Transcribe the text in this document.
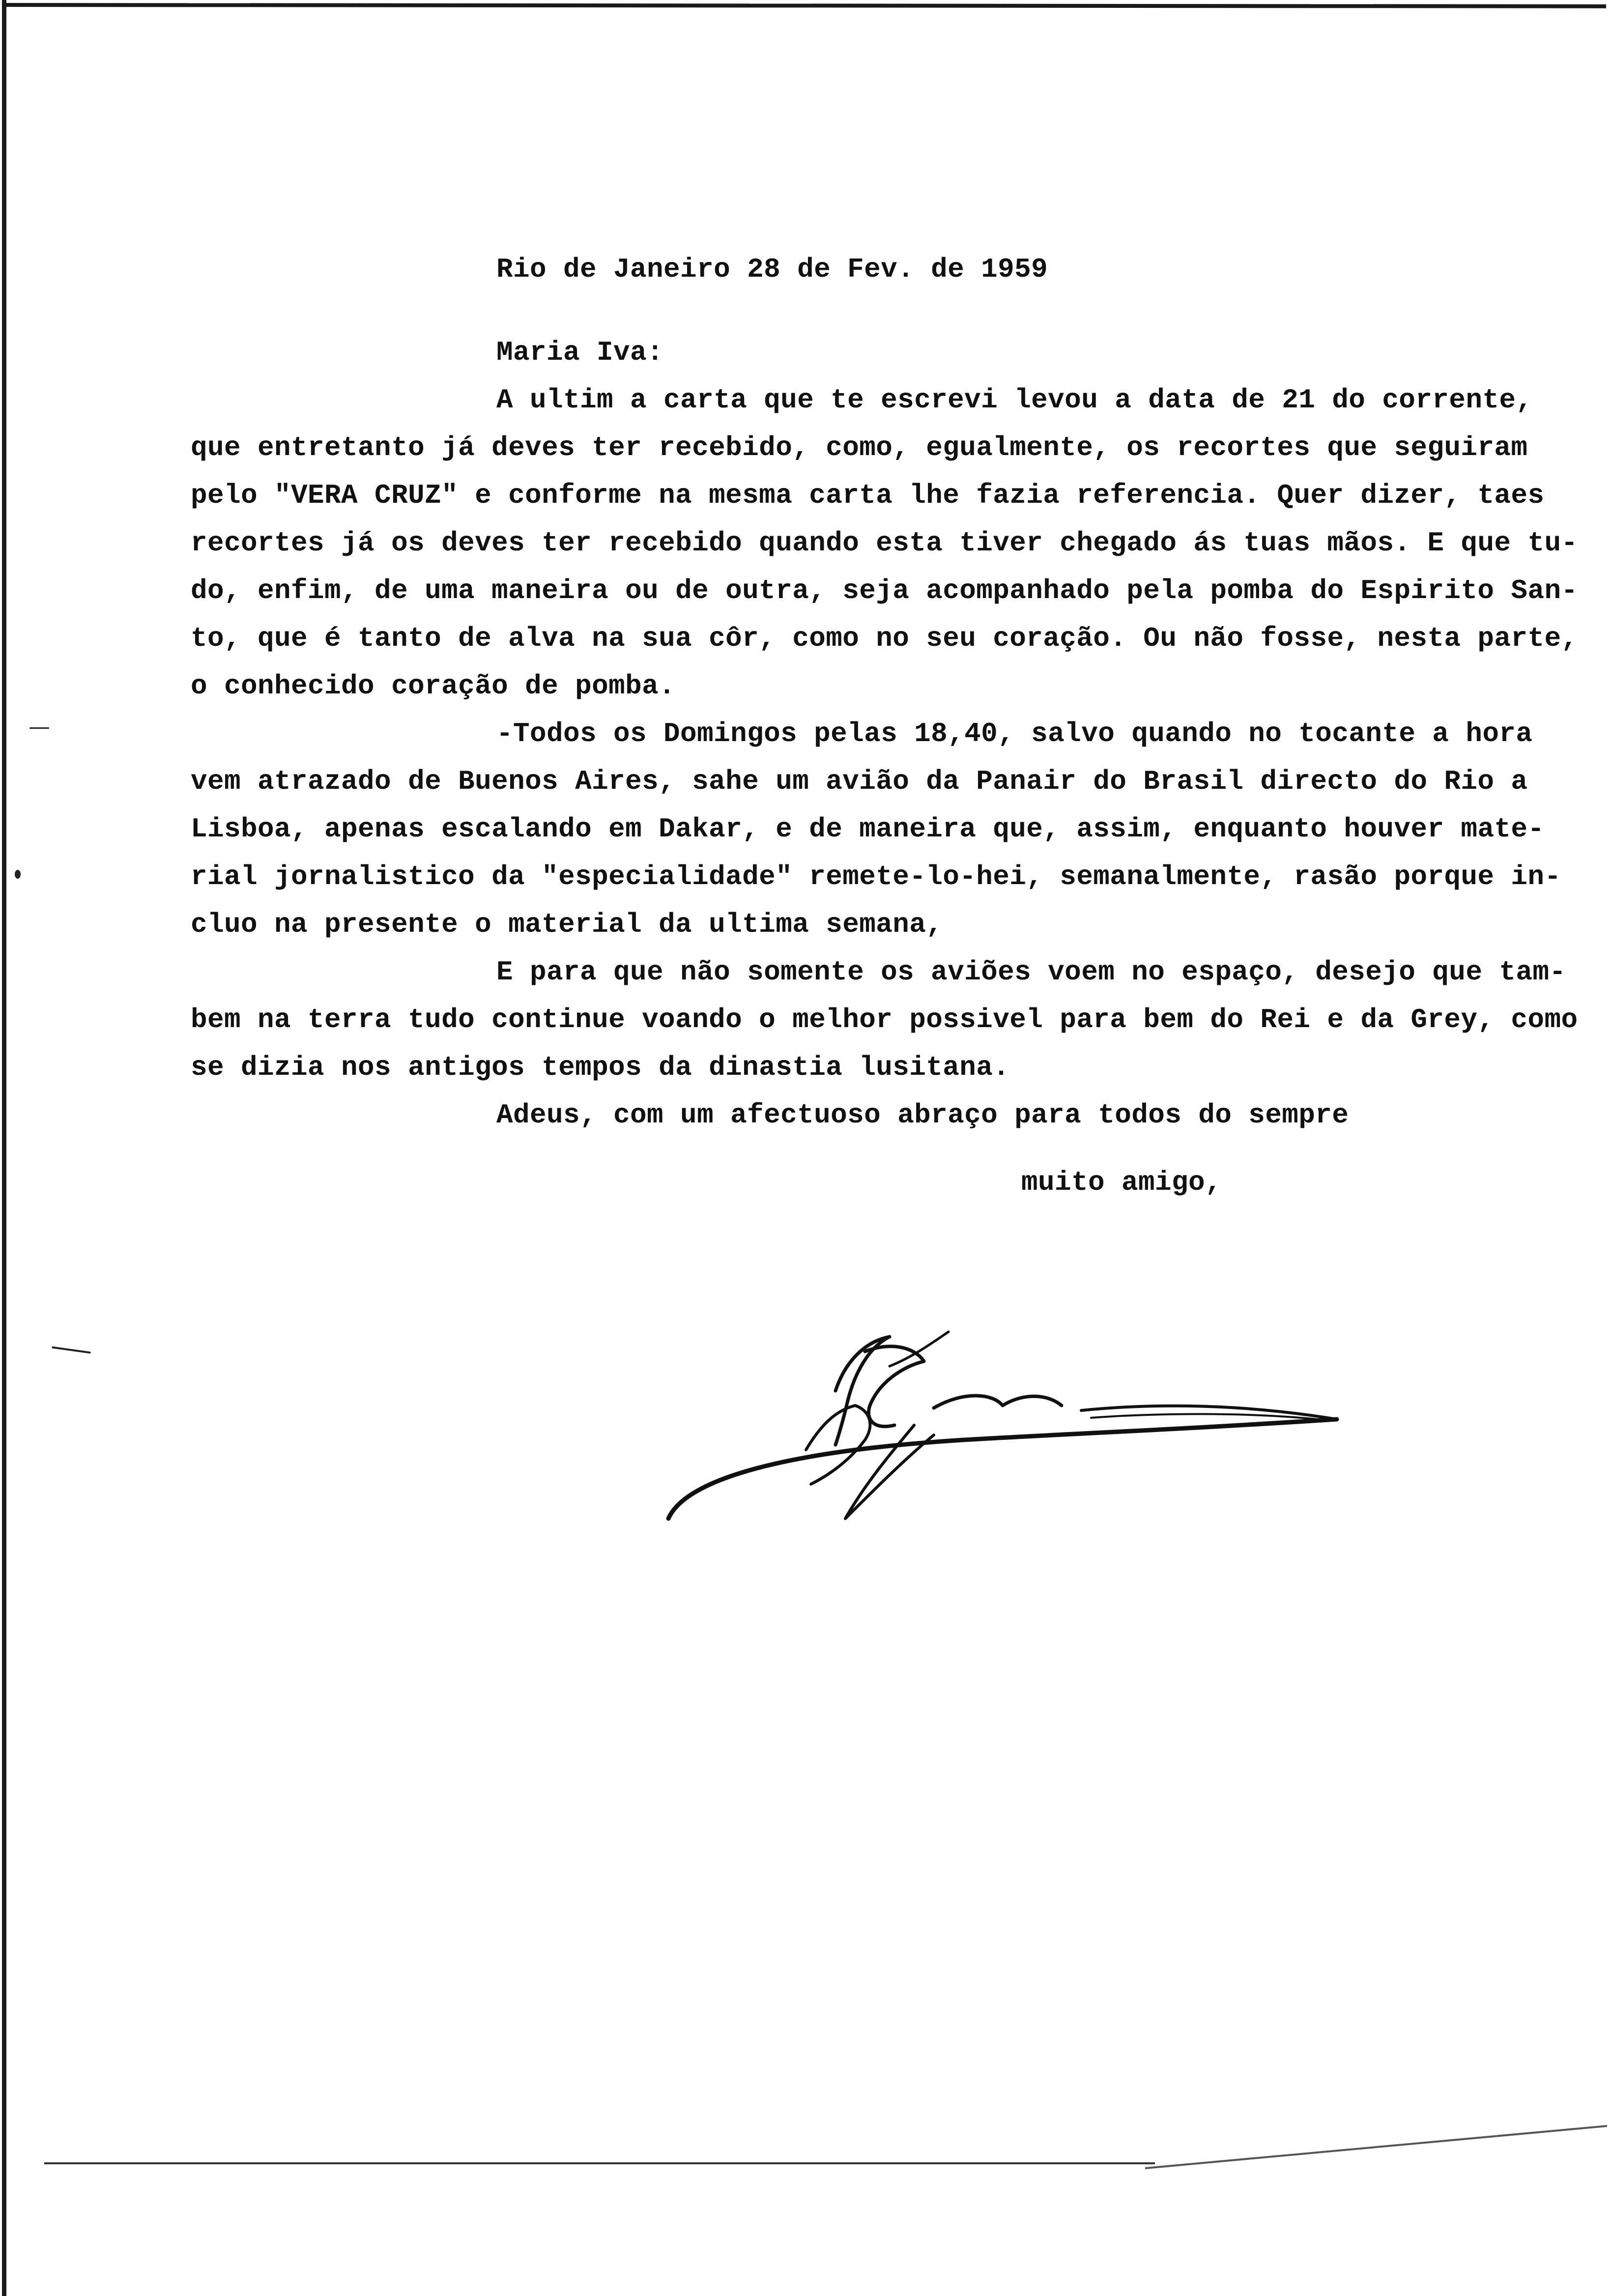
Rio de Janeiro 28 de Fev. de 1959
Maria Iva:
A ultim a carta que te escrevi levou a data de 21 do corrente,
que entretanto já deves ter recebido, como, egualmente, os recortes que seguiram
pelo "VERA CRUZ" e conforme na mesma carta lhe fazia referencia. Quer dizer, taes
recortes já os deves ter recebido quando esta tiver chegado ás tuas mãos. E que tu-
do, enfim, de uma maneira ou de outra, seja acompanhado pela pomba do Espirito San-
to, que é tanto de alva na sua côr, como no seu coração. Ou não fosse, nesta parte,
o conhecido coração de pomba.
-Todos os Domingos pelas 18,40, salvo quando no tocante a hora
vem atrazado de Buenos Aires, sahe um avião da Panair do Brasil directo do Rio a
Lisboa, apenas escalando em Dakar, e de maneira que, assim, enquanto houver mate-
rial jornalistico da "especialidade" remete-lo-hei, semanalmente, rasão porque in-
cluo na presente o material da ultima semana,
E para que não somente os aviões voem no espaço, desejo que tam-
bem na terra tudo continue voando o melhor possivel para bem do Rei e da Grey, como
se dizia nos antigos tempos da dinastia lusitana.
Adeus, com um afectuoso abraço para todos do sempre
muito amigo,
